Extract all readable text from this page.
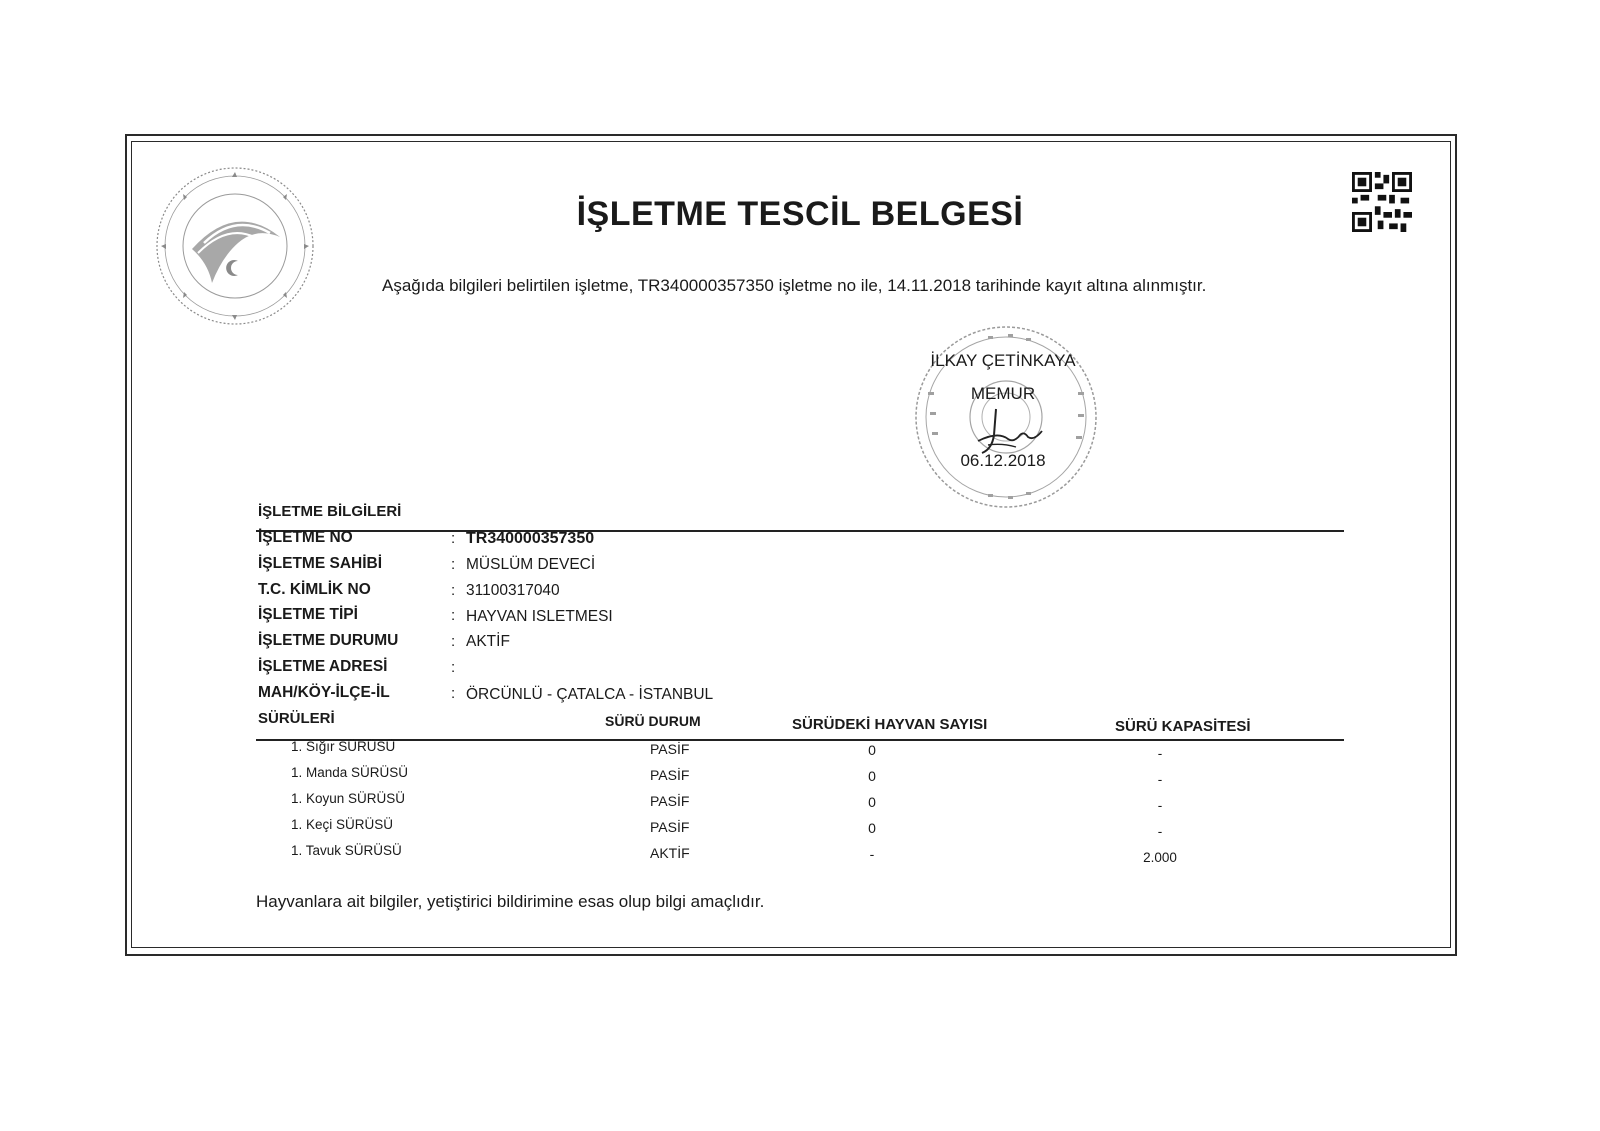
İŞLETME TESCİL BELGESİ
Aşağıda bilgileri belirtilen işletme, TR340000357350 işletme no ile, 14.11.2018 tarihinde kayıt altına alınmıştır.
İLKAY ÇETİNKAYA
MEMUR
06.12.2018
İŞLETME BİLGİLERİ
İŞLETME NO	: TR340000357350
İŞLETME SAHİBİ	: MÜSLÜM DEVECİ
T.C. KİMLİK NO	: 31100317040
İŞLETME TİPİ	: HAYVAN ISLETMESI
İŞLETME DURUMU	: AKTİF
İŞLETME ADRESİ	:
MAH/KÖY-İLÇE-İL	: ÖRCÜNLÜ - ÇATALCA - İSTANBUL
SÜRÜLERİ	SÜRÜ DURUM	SÜRÜDEKİ HAYVAN SAYISI	SÜRÜ KAPASİTESİ
1. Sığır SÜRÜSÜ	PASİF	0	-
1. Manda SÜRÜSÜ	PASİF	0	-
1. Koyun SÜRÜSÜ	PASİF	0	-
1. Keçi SÜRÜSÜ	PASİF	0	-
1. Tavuk SÜRÜSÜ	AKTİF	-	2.000
Hayvanlara ait bilgiler, yetiştirici bildirimine esas olup bilgi amaçlıdır.
